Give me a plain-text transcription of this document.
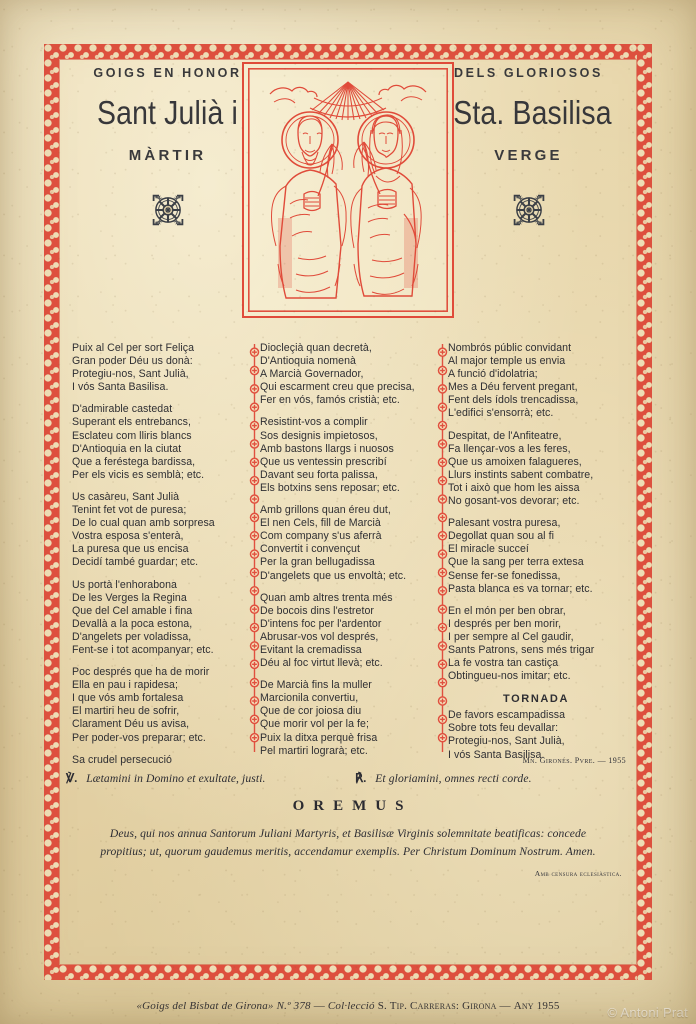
GOIGS EN HONOR
Sant Julià i
MÀRTIR
DELS GLORIOSOS
Sta. Basilisa
VERGE
Puix al Cel per sort Feliça
Gran poder Déu us donà:
Protegiu-nos, Sant Julià,
I vós Santa Basilisa.
D'admirable castedat
Superant els entrebancs,
Esclateu com lliris blancs
D'Antioquia en la ciutat
Que a feréstega bardissa,
Per els vicis es semblà; etc.
Us casàreu, Sant Julià
Tenint fet vot de puresa;
De lo cual quan amb sorpresa
Vostra esposa s'enterà,
La puresa que us encisa
Decidí també guardar; etc.
Us portà l'enhorabona
De les Verges la Regina
Que del Cel amable i fina
Devallà a la poca estona,
D'angelets per voladissa,
Fent-se i tot acompanyar; etc.
Poc després que ha de morir
Ella en pau i rapidesa;
I que vós amb fortalesa
El martiri heu de sofrir,
Clarament Déu us avisa,
Per poder-vos preparar; etc.
Sa crudel persecució
Diocleçià quan decretà,
D'Antioquia nomenà
A Marcià Governador,
Qui escarment creu que precisa,
Fer en vós, famós cristià; etc.
Resistint-vos a complir
Sos designis impietosos,
Amb bastons llargs i nuosos
Que us ventessin prescribí
Davant seu forta palissa,
Els botxins sens reposar; etc.
Amb grillons quan éreu dut,
El nen Cels, fill de Marcià
Com company s'us aferrà
Convertit i convençut
Per la gran bellugadissa
D'angelets que us envoltà; etc.
Quan amb altres trenta més
De bocois dins l'estretor
D'intens foc per l'ardentor
Abrusar-vos vol després,
Evitant la cremadissa
Déu al foc virtut llevà; etc.
De Marcià fins la muller
Marcionila convertiu,
Que de cor joiosa diu
Que morir vol per la fe;
Puix la ditxa perquè frisa
Pel martiri lograrà; etc.
Nombrós públic convidant
Al major temple us envia
A funció d'idolatria;
Mes a Déu fervent pregant,
Fent dels ídols trencadissa,
L'edifici s'ensorrà; etc.
Despitat, de l'Anfiteatre,
Fa llençar-vos a les feres,
Que us amoixen falagueres,
Llurs instints sabent combatre,
Tot i això que hom les aissa
No gosant-vos devorar; etc.
Palesant vostra puresa,
Degollat quan sou al fi
El miracle succeí
Que la sang per terra extesa
Sense fer-se fonedissa,
Pasta blanca es va tornar; etc.
En el món per ben obrar,
I després per ben morir,
I per sempre al Cel gaudir,
Sants Patrons, sens més trigar
La fe vostra tan castiça
Obtingueu-nos imitar; etc.
TORNADA
De favors escampadissa
Sobre tots feu devallar:
Protegiu-nos, Sant Julià,
I vós Santa Basilisa.
Mn. Gironés. Pvre. — 1955
℣. Lætamini in Domino et exultate, justi.	℟. Et gloriamini, omnes recti corde.
OREMUS
Deus, qui nos annua Santorum Juliani Martyris, et Basilisæ Virginis solemnitate beatificas: concede
propitius; ut, quorum gaudemus meritis, accendamur exemplis. Per Christum Dominum Nostrum. Amen.
Amb censura eclesiàstica.
«Goigs del Bisbat de Girona» N.º 378 — Col·lecció S. Tip. Carreras: Girona — Any 1955	© Antoni Prat
